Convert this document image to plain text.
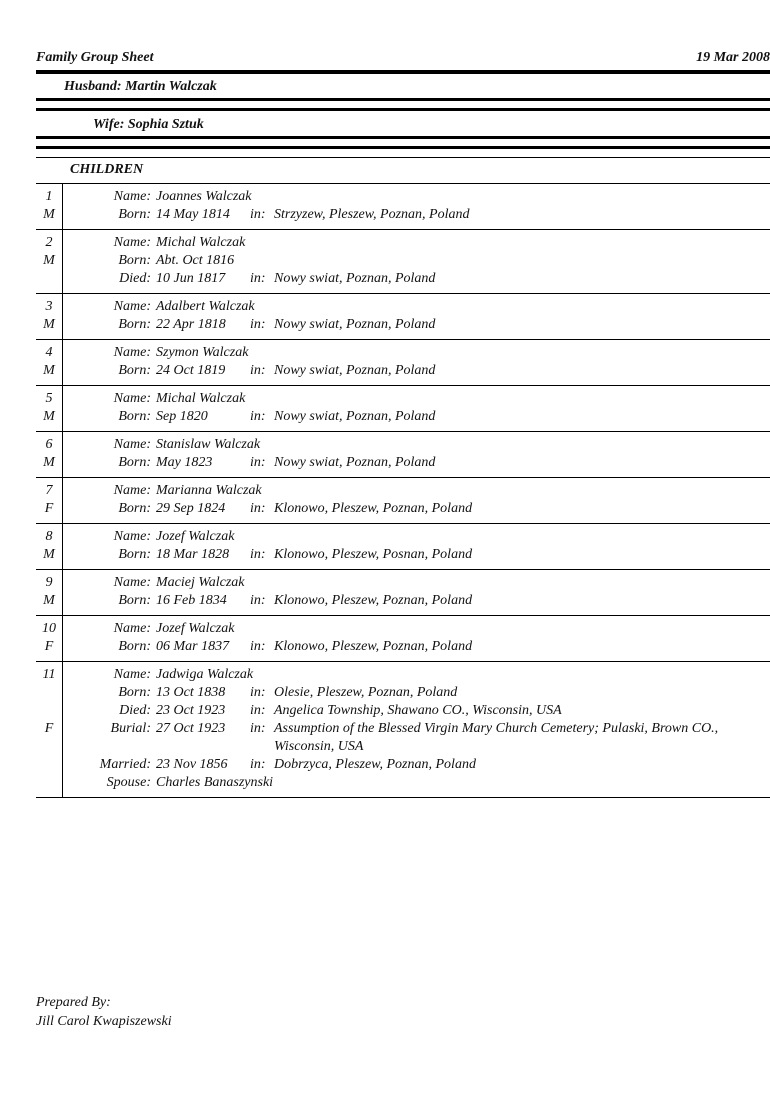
Family Group Sheet	19 Mar 2008
Husband: Martin Walczak
Wife: Sophia Sztuk
CHILDREN
1
M
Name: Joannes Walczak
Born: 14 May 1814	in: Strzyzew, Pleszew, Poznan, Poland
2
M
Name: Michal Walczak
Born: Abt. Oct 1816
Died: 10 Jun 1817	in: Nowy swiat, Poznan, Poland
3
M
Name: Adalbert Walczak
Born: 22 Apr 1818	in: Nowy swiat, Poznan, Poland
4
M
Name: Szymon Walczak
Born: 24 Oct 1819	in: Nowy swiat, Poznan, Poland
5
M
Name: Michal Walczak
Born: Sep 1820	in: Nowy swiat, Poznan, Poland
6
M
Name: Stanislaw Walczak
Born: May 1823	in: Nowy swiat, Poznan, Poland
7
F
Name: Marianna Walczak
Born: 29 Sep 1824	in: Klonowo, Pleszew, Poznan, Poland
8
M
Name: Jozef Walczak
Born: 18 Mar 1828	in: Klonowo, Pleszew, Posnan, Poland
9
M
Name: Maciej Walczak
Born: 16 Feb 1834	in: Klonowo, Pleszew, Poznan, Poland
10
F
Name: Jozef Walczak
Born: 06 Mar 1837	in: Klonowo, Pleszew, Poznan, Poland
11
F
Name: Jadwiga Walczak
Born: 13 Oct 1838	in: Olesie, Pleszew, Poznan, Poland
Died: 23 Oct 1923	in: Angelica Township, Shawano CO., Wisconsin, USA
Burial: 27 Oct 1923	in: Assumption of the Blessed Virgin Mary Church Cemetery; Pulaski, Brown CO., Wisconsin, USA
Married: 23 Nov 1856	in: Dobrzyca, Pleszew, Poznan, Poland
Spouse: Charles Banaszynski
Prepared By:
Jill Carol Kwapiszewski
